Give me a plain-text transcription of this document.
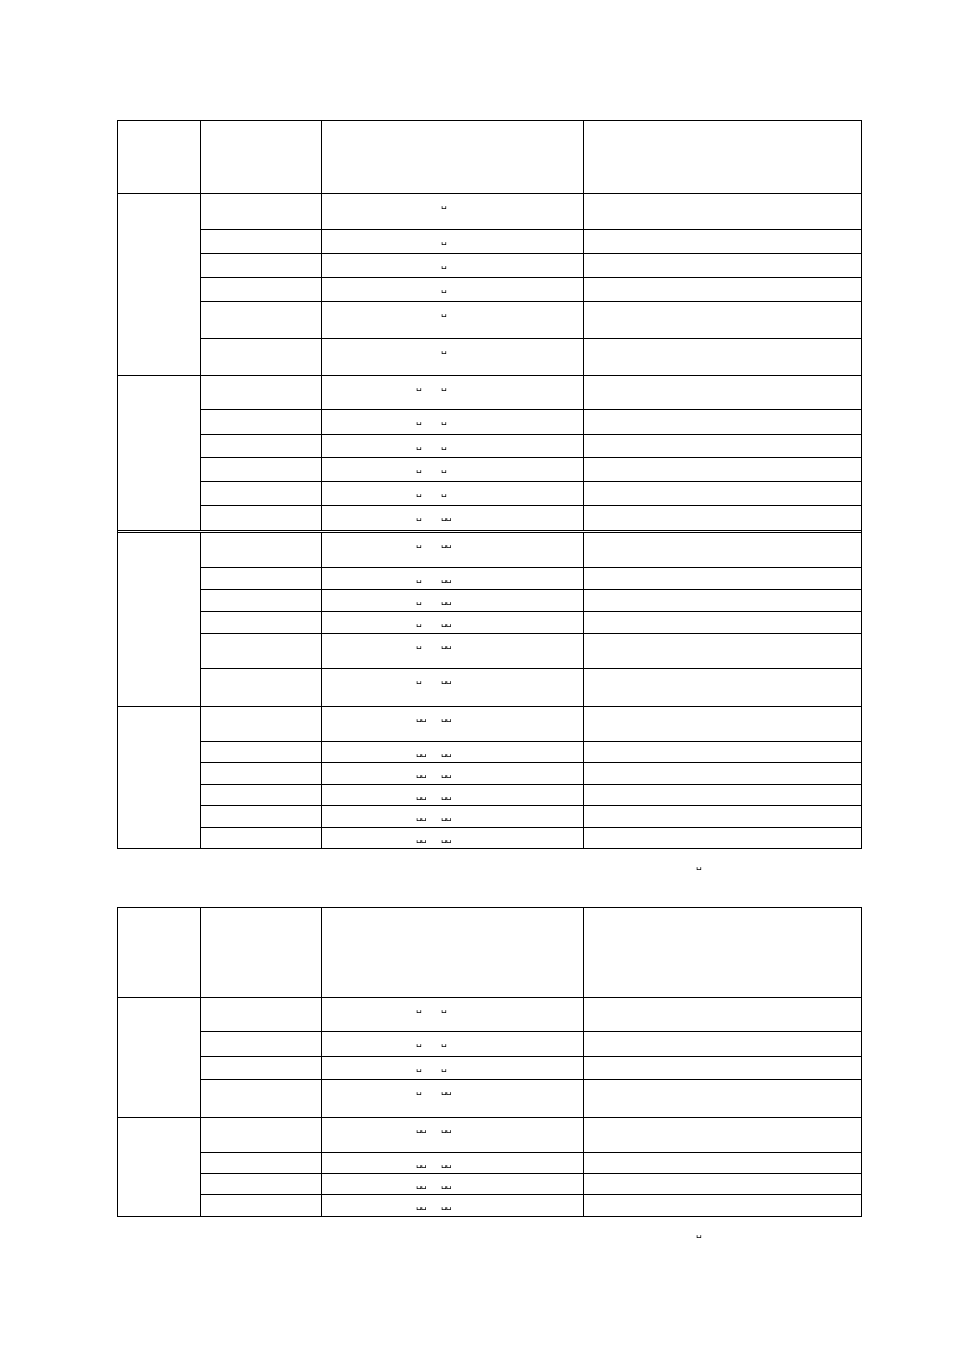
␣
␣
␣
␣
␣
␣
␣ ␣
␣ ␣
␣ ␣
␣ ␣
␣ ␣
␣ ␣␣
␣ ␣␣
␣ ␣␣
␣ ␣␣
␣ ␣␣
␣ ␣␣
␣ ␣␣
␣␣ ␣␣
␣␣ ␣␣
␣␣ ␣␣
␣␣ ␣␣
␣␣ ␣␣
␣␣ ␣␣
␣
␣ ␣
␣ ␣
␣ ␣
␣ ␣␣
␣␣ ␣␣
␣␣ ␣␣
␣␣ ␣␣
␣␣ ␣␣
␣
